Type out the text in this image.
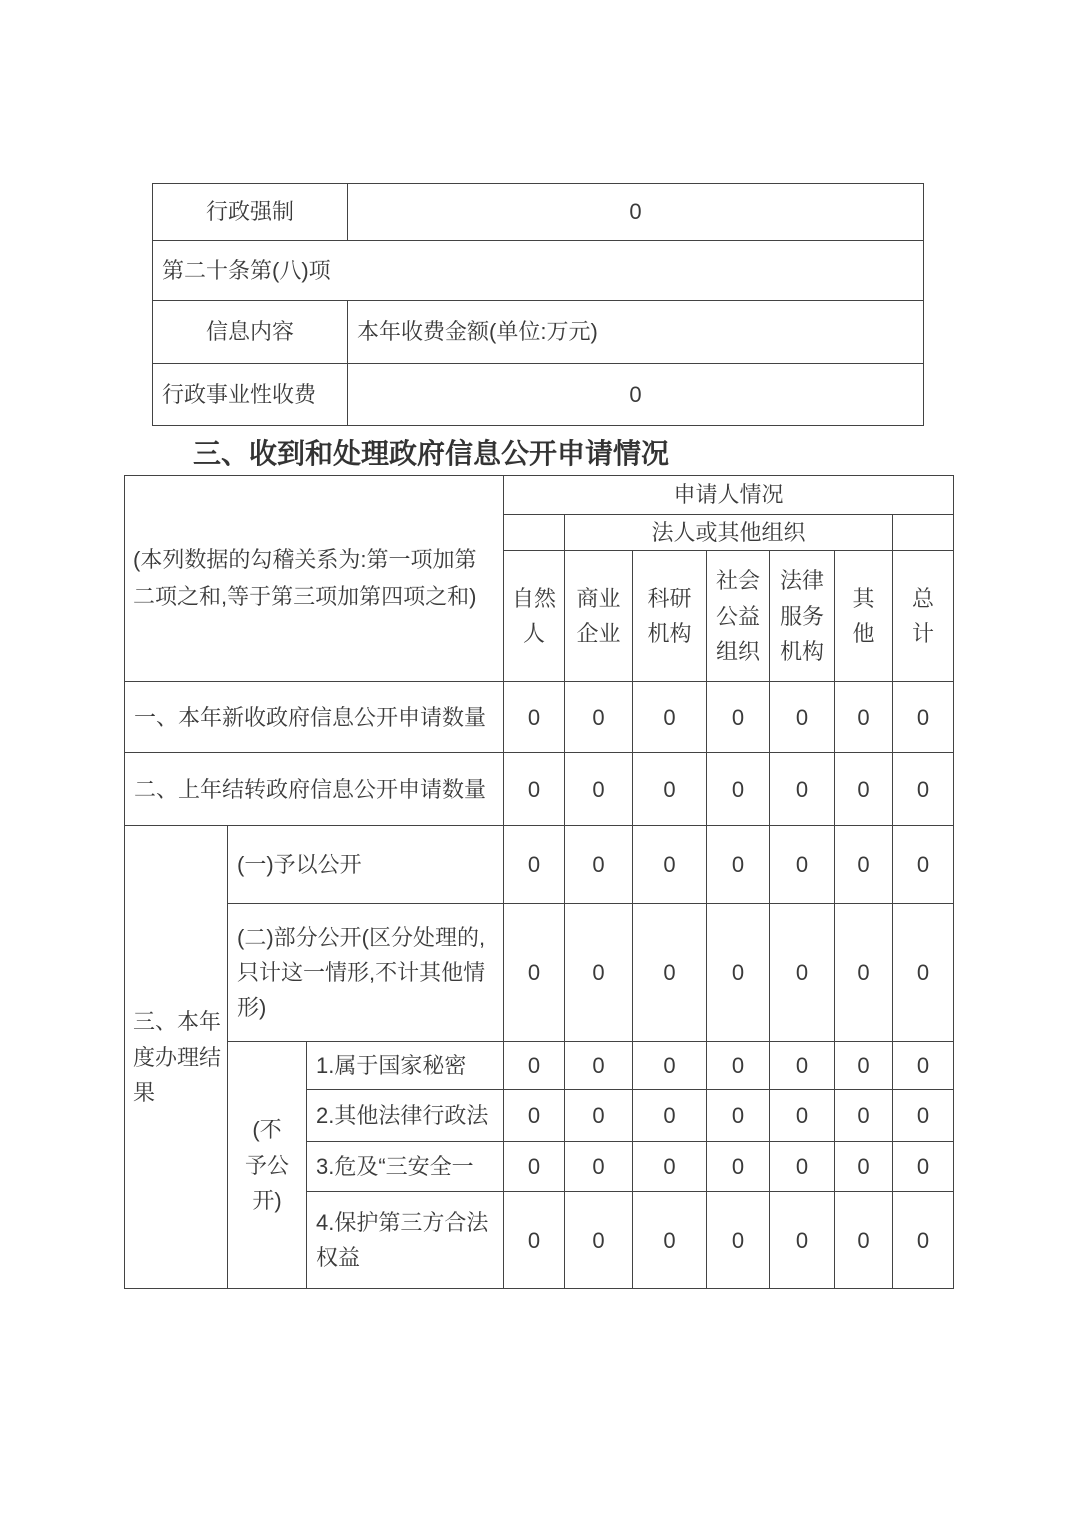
行政强制	0
第二十条第(八)项	
信息内容	本年收费金额(单位:万元)
行政事业性收费	0
三、收到和处理政府信息公开申请情况
(本列数据的勾稽关系为:第一项加第二项之和,等于第三项加第四项之和)			申请人情况						
				法人或其他组织					

			自然人	商业企业	科研机构	社会公益组织	法律服务机构	其他	总计

一、本年新收政府信息公开申请数量			0	0	0	0	0	0	0
二、上年结转政府信息公开申请数量			0	0	0	0	0	0	0

三、本年度办理结果	(一)予以公开		0	0	0	0	0	0	0
	(二)部分公开(区分处理的,只计这一情形,不计其他情形)		0	0	0	0	0	0	0

	(不予公开)	1.属于国家秘密	0	0	0	0	0	0	0
		2.其他法律行政法	0	0	0	0	0	0	0
		3.危及“三安全一	0	0	0	0	0	0	0
		4.保护第三方合法权益	0	0	0	0	0	0	0
